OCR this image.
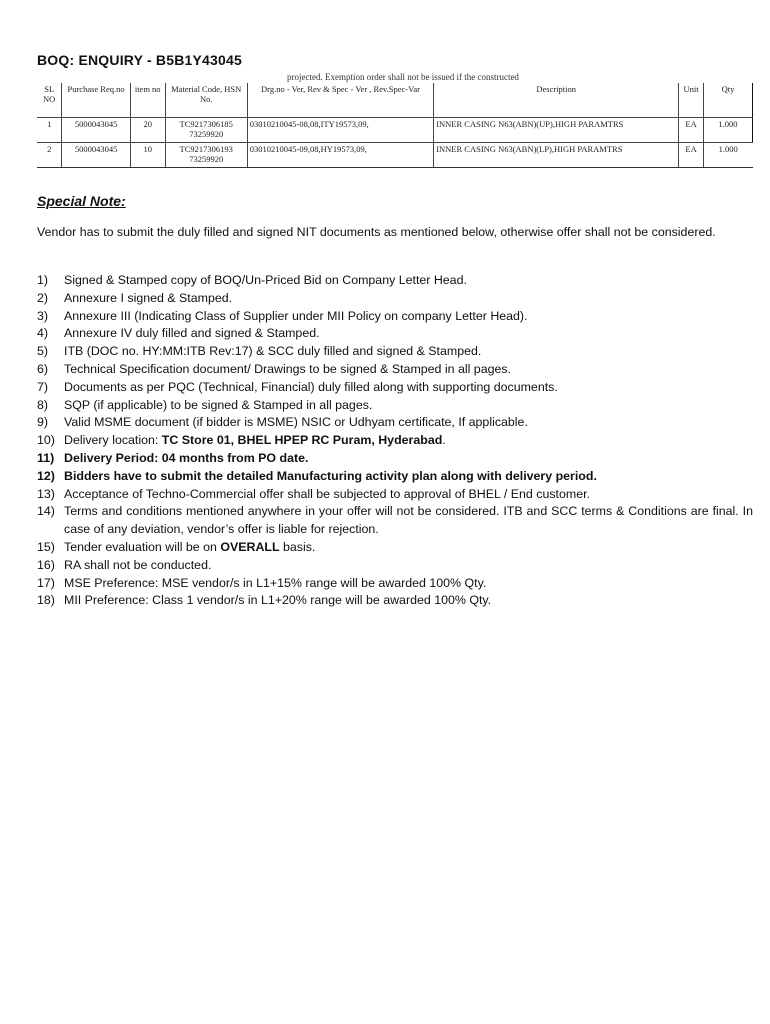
BOQ: ENQUIRY - B5B1Y43045
projected. Exemption order shall not be issued if the constructed
SL NO	Purchase Req.no	item no	Material Code, HSN No.	Drg.no - Ver, Rev & Spec - Ver , Rev.Spec-Var	Description	Unit	Qty
1	5000043045	20	TC9217306185 73259920	03010210045-08,08,ITY19573,09,	INNER CASING N63(ABN)(UP),HIGH PARAMTRS	EA	1.000
2	5000043045	10	TC9217306193 73259920	03010210045-09,08,HY19573,09,	INNER CASING N63(ABN)(LP),HIGH PARAMTRS	EA	1.000
Special Note:
Vendor has to submit the duly filled and signed NIT documents as mentioned below, otherwise offer shall not be considered.
1) Signed & Stamped copy of BOQ/Un-Priced Bid on Company Letter Head.
2) Annexure I signed & Stamped.
3) Annexure III (Indicating Class of Supplier under MII Policy on company Letter Head).
4) Annexure IV duly filled and signed & Stamped.
5) ITB (DOC no. HY:MM:ITB Rev:17) & SCC duly filled and signed & Stamped.
6) Technical Specification document/ Drawings to be signed & Stamped in all pages.
7) Documents as per PQC (Technical, Financial) duly filled along with supporting documents.
8) SQP (if applicable) to be signed & Stamped in all pages.
9) Valid MSME document (if bidder is MSME) NSIC or Udhyam certificate, If applicable.
10) Delivery location: TC Store 01, BHEL HPEP RC Puram, Hyderabad.
11) Delivery Period: 04 months from PO date.
12) Bidders have to submit the detailed Manufacturing activity plan along with delivery period.
13) Acceptance of Techno-Commercial offer shall be subjected to approval of BHEL / End customer.
14) Terms and conditions mentioned anywhere in your offer will not be considered. ITB and SCC terms & Conditions are final. In case of any deviation, vendor’s offer is liable for rejection.
15) Tender evaluation will be on OVERALL basis.
16) RA shall not be conducted.
17) MSE Preference: MSE vendor/s in L1+15% range will be awarded 100% Qty.
18) MII Preference: Class 1 vendor/s in L1+20% range will be awarded 100% Qty.
